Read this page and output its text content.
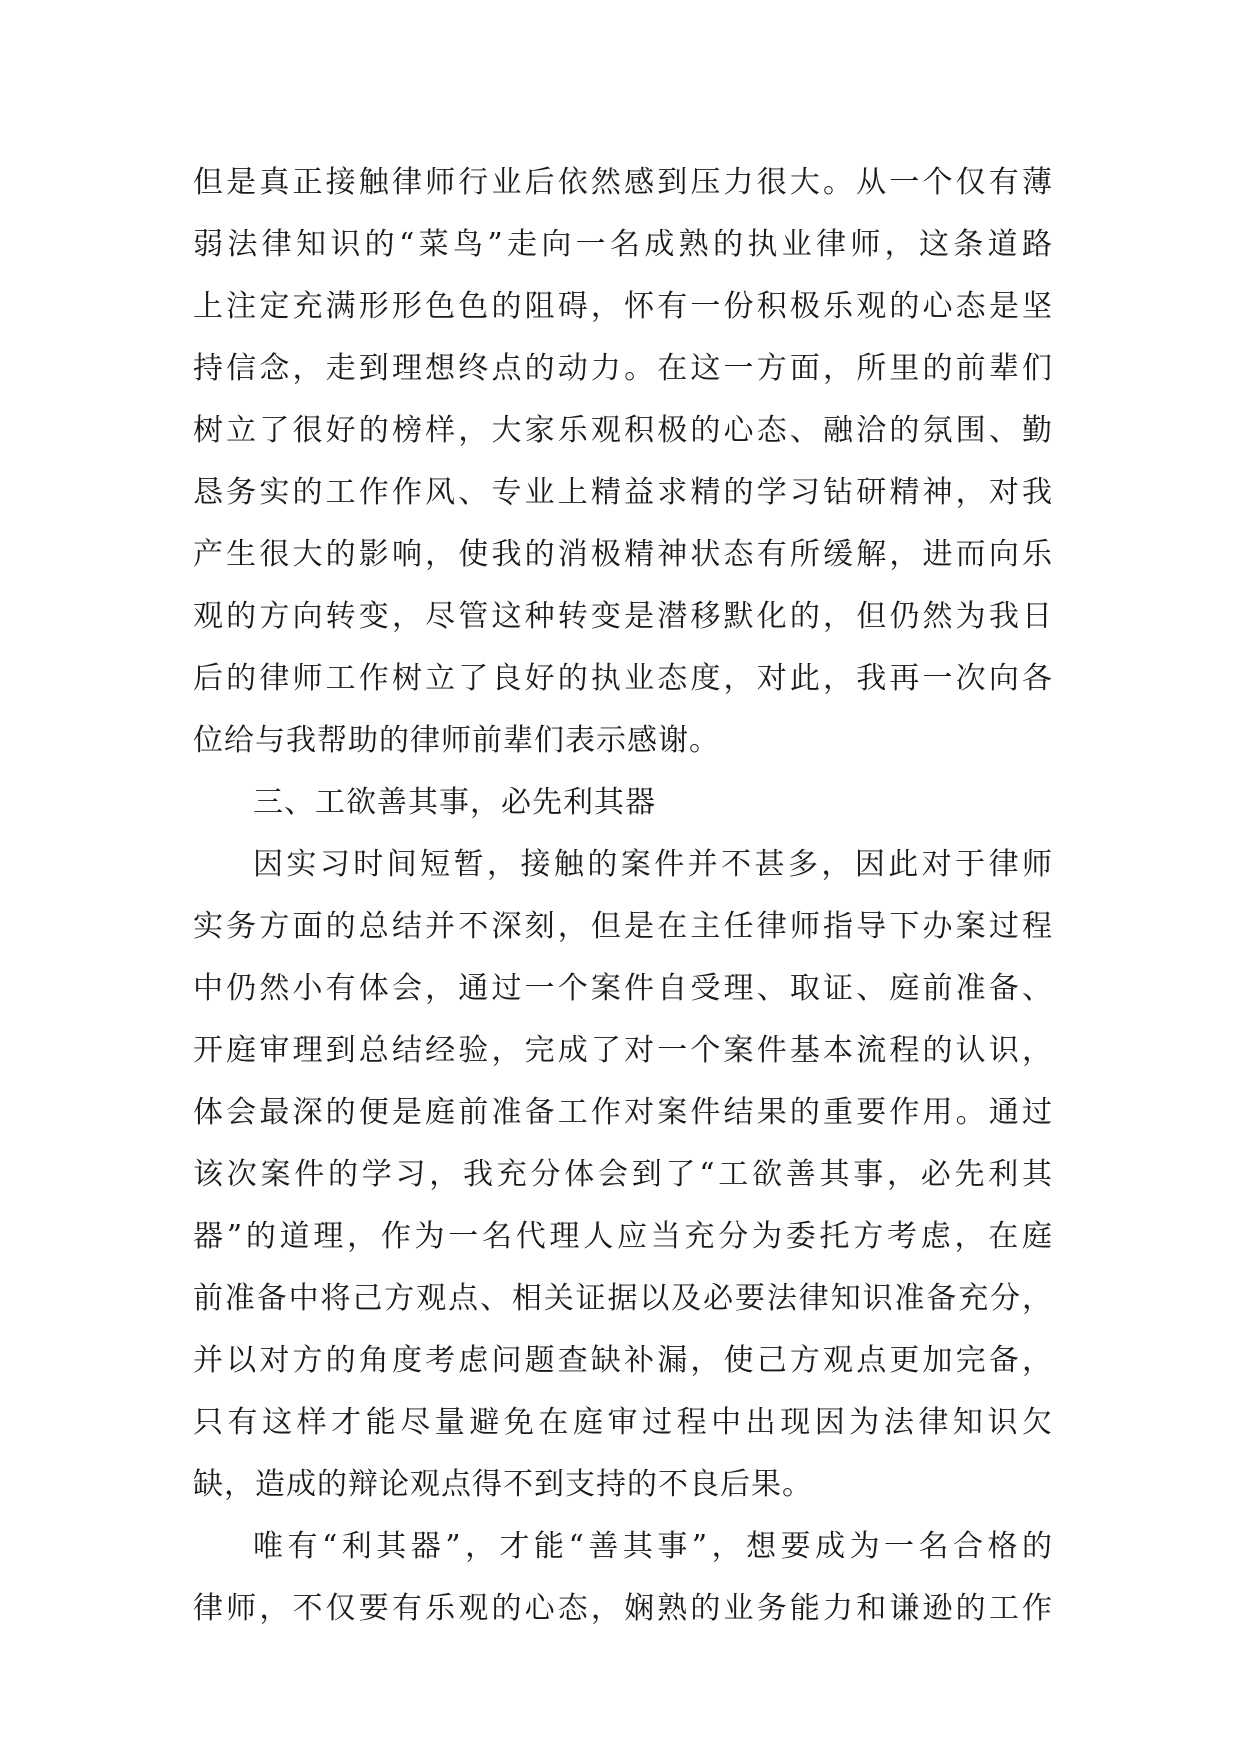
但是真正接触律师行业后依然感到压力很大。从一个仅有薄
弱法律知识的“菜鸟”走向一名成熟的执业律师，这条道路
上注定充满形形色色的阻碍，怀有一份积极乐观的心态是坚
持信念，走到理想终点的动力。在这一方面，所里的前辈们
树立了很好的榜样，大家乐观积极的心态、融洽的氛围、勤
恳务实的工作作风、专业上精益求精的学习钻研精神，对我
产生很大的影响，使我的消极精神状态有所缓解，进而向乐
观的方向转变，尽管这种转变是潜移默化的，但仍然为我日
后的律师工作树立了良好的执业态度，对此，我再一次向各
位给与我帮助的律师前辈们表示感谢。
三、工欲善其事，必先利其器
因实习时间短暂，接触的案件并不甚多，因此对于律师
实务方面的总结并不深刻，但是在主任律师指导下办案过程
中仍然小有体会，通过一个案件自受理、取证、庭前准备、
开庭审理到总结经验，完成了对一个案件基本流程的认识，
体会最深的便是庭前准备工作对案件结果的重要作用。通过
该次案件的学习，我充分体会到了“工欲善其事，必先利其
器”的道理，作为一名代理人应当充分为委托方考虑，在庭
前准备中将己方观点、相关证据以及必要法律知识准备充分，
并以对方的角度考虑问题查缺补漏，使己方观点更加完备，
只有这样才能尽量避免在庭审过程中出现因为法律知识欠
缺，造成的辩论观点得不到支持的不良后果。
唯有“利其器”，才能“善其事”，想要成为一名合格的
律师，不仅要有乐观的心态，娴熟的业务能力和谦逊的工作
